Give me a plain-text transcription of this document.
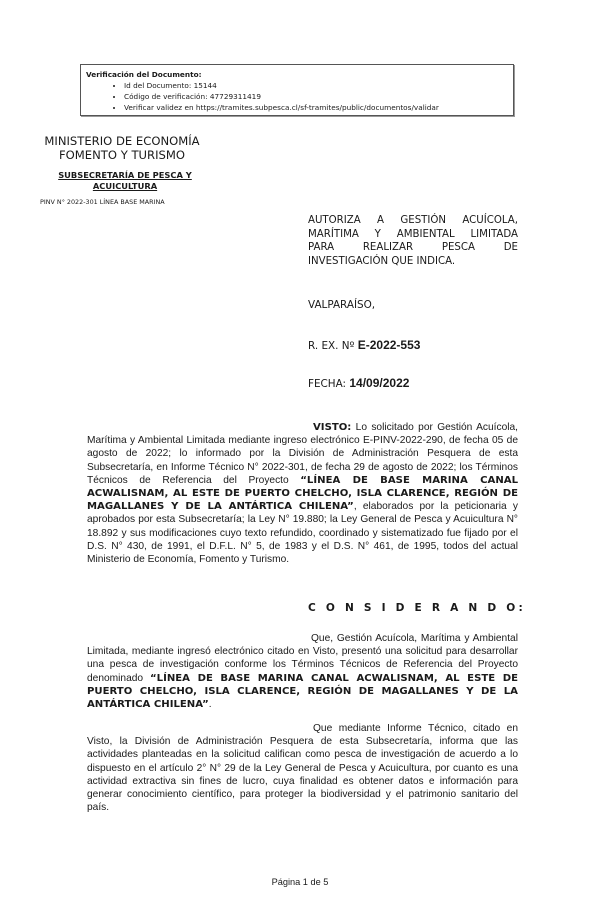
Verificación del Documento:
• Id del Documento: 15144
• Código de verificación: 47729311419
• Verificar validez en https://tramites.subpesca.cl/sf-tramites/public/documentos/validar
MINISTERIO DE ECONOMÍA
FOMENTO Y TURISMO
SUBSECRETARÍA DE PESCA Y ACUICULTURA
PINV N° 2022-301 LÍNEA BASE MARINA
AUTORIZA A GESTIÓN ACUÍCOLA,
MARÍTIMA Y AMBIENTAL LIMITADA
PARA REALIZAR PESCA DE
INVESTIGACIÓN QUE INDICA.
VALPARAÍSO,
R. EX. Nº E-2022-553
FECHA: 14/09/2022
VISTO: Lo solicitado por Gestión Acuícola, Marítima y Ambiental Limitada mediante ingreso electrónico E-PINV-2022-290, de fecha 05 de agosto de 2022; lo informado por la División de Administración Pesquera de esta Subsecretaría, en Informe Técnico N° 2022-301, de fecha 29 de agosto de 2022; los Términos Técnicos de Referencia del Proyecto “LÍNEA DE BASE MARINA CANAL ACWALISNAM, AL ESTE DE PUERTO CHELCHO, ISLA CLARENCE, REGIÓN DE MAGALLANES Y DE LA ANTÁRTICA CHILENA”, elaborados por la peticionaria y aprobados por esta Subsecretaría; la Ley N° 19.880; la Ley General de Pesca y Acuicultura N° 18.892 y sus modificaciones cuyo texto refundido, coordinado y sistematizado fue fijado por el D.S. N° 430, de 1991, el D.F.L. N° 5, de 1983 y el D.S. N° 461, de 1995, todos del actual Ministerio de Economía, Fomento y Turismo.
C O N S I D E R A N D O:
Que, Gestión Acuícola, Marítima y Ambiental Limitada, mediante ingresó electrónico citado en Visto, presentó una solicitud para desarrollar una pesca de investigación conforme los Términos Técnicos de Referencia del Proyecto denominado “LÍNEA DE BASE MARINA CANAL ACWALISNAM, AL ESTE DE PUERTO CHELCHO, ISLA CLARENCE, REGIÓN DE MAGALLANES Y DE LA ANTÁRTICA CHILENA”.
Que mediante Informe Técnico, citado en Visto, la División de Administración Pesquera de esta Subsecretaría, informa que las actividades planteadas en la solicitud califican como pesca de investigación de acuerdo a lo dispuesto en el artículo 2° N° 29 de la Ley General de Pesca y Acuicultura, por cuanto es una actividad extractiva sin fines de lucro, cuya finalidad es obtener datos e información para generar conocimiento científico, para proteger la biodiversidad y el patrimonio sanitario del país.
Página 1 de 5
